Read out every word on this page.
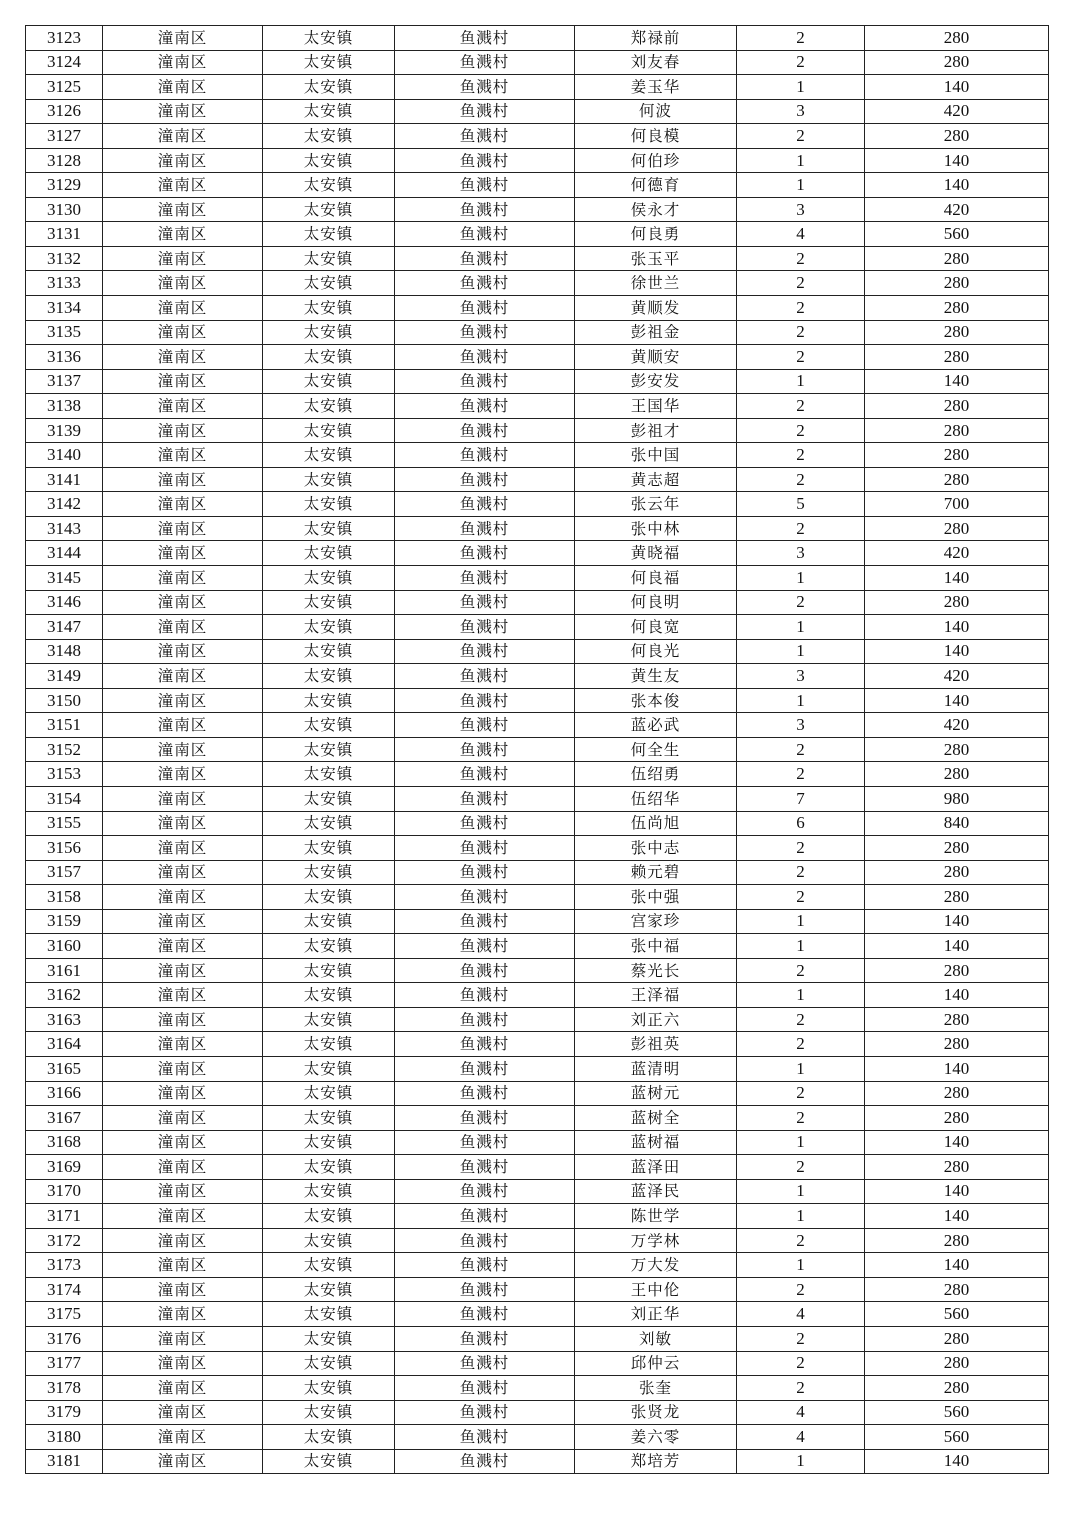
3123	潼南区	太安镇	鱼溅村	郑禄前	2	280
3124	潼南区	太安镇	鱼溅村	刘友春	2	280
3125	潼南区	太安镇	鱼溅村	姜玉华	1	140
3126	潼南区	太安镇	鱼溅村	何波	3	420
3127	潼南区	太安镇	鱼溅村	何良模	2	280
3128	潼南区	太安镇	鱼溅村	何伯珍	1	140
3129	潼南区	太安镇	鱼溅村	何德育	1	140
3130	潼南区	太安镇	鱼溅村	侯永才	3	420
3131	潼南区	太安镇	鱼溅村	何良勇	4	560
3132	潼南区	太安镇	鱼溅村	张玉平	2	280
3133	潼南区	太安镇	鱼溅村	徐世兰	2	280
3134	潼南区	太安镇	鱼溅村	黄顺发	2	280
3135	潼南区	太安镇	鱼溅村	彭祖金	2	280
3136	潼南区	太安镇	鱼溅村	黄顺安	2	280
3137	潼南区	太安镇	鱼溅村	彭安发	1	140
3138	潼南区	太安镇	鱼溅村	王国华	2	280
3139	潼南区	太安镇	鱼溅村	彭祖才	2	280
3140	潼南区	太安镇	鱼溅村	张中国	2	280
3141	潼南区	太安镇	鱼溅村	黄志超	2	280
3142	潼南区	太安镇	鱼溅村	张云年	5	700
3143	潼南区	太安镇	鱼溅村	张中林	2	280
3144	潼南区	太安镇	鱼溅村	黄晓福	3	420
3145	潼南区	太安镇	鱼溅村	何良福	1	140
3146	潼南区	太安镇	鱼溅村	何良明	2	280
3147	潼南区	太安镇	鱼溅村	何良宽	1	140
3148	潼南区	太安镇	鱼溅村	何良光	1	140
3149	潼南区	太安镇	鱼溅村	黄生友	3	420
3150	潼南区	太安镇	鱼溅村	张本俊	1	140
3151	潼南区	太安镇	鱼溅村	蓝必武	3	420
3152	潼南区	太安镇	鱼溅村	何全生	2	280
3153	潼南区	太安镇	鱼溅村	伍绍勇	2	280
3154	潼南区	太安镇	鱼溅村	伍绍华	7	980
3155	潼南区	太安镇	鱼溅村	伍尚旭	6	840
3156	潼南区	太安镇	鱼溅村	张中志	2	280
3157	潼南区	太安镇	鱼溅村	赖元碧	2	280
3158	潼南区	太安镇	鱼溅村	张中强	2	280
3159	潼南区	太安镇	鱼溅村	宫家珍	1	140
3160	潼南区	太安镇	鱼溅村	张中福	1	140
3161	潼南区	太安镇	鱼溅村	蔡光长	2	280
3162	潼南区	太安镇	鱼溅村	王泽福	1	140
3163	潼南区	太安镇	鱼溅村	刘正六	2	280
3164	潼南区	太安镇	鱼溅村	彭祖英	2	280
3165	潼南区	太安镇	鱼溅村	蓝清明	1	140
3166	潼南区	太安镇	鱼溅村	蓝树元	2	280
3167	潼南区	太安镇	鱼溅村	蓝树全	2	280
3168	潼南区	太安镇	鱼溅村	蓝树福	1	140
3169	潼南区	太安镇	鱼溅村	蓝泽田	2	280
3170	潼南区	太安镇	鱼溅村	蓝泽民	1	140
3171	潼南区	太安镇	鱼溅村	陈世学	1	140
3172	潼南区	太安镇	鱼溅村	万学林	2	280
3173	潼南区	太安镇	鱼溅村	万大发	1	140
3174	潼南区	太安镇	鱼溅村	王中伦	2	280
3175	潼南区	太安镇	鱼溅村	刘正华	4	560
3176	潼南区	太安镇	鱼溅村	刘敏	2	280
3177	潼南区	太安镇	鱼溅村	邱仲云	2	280
3178	潼南区	太安镇	鱼溅村	张奎	2	280
3179	潼南区	太安镇	鱼溅村	张贤龙	4	560
3180	潼南区	太安镇	鱼溅村	姜六零	4	560
3181	潼南区	太安镇	鱼溅村	郑培芳	1	140
